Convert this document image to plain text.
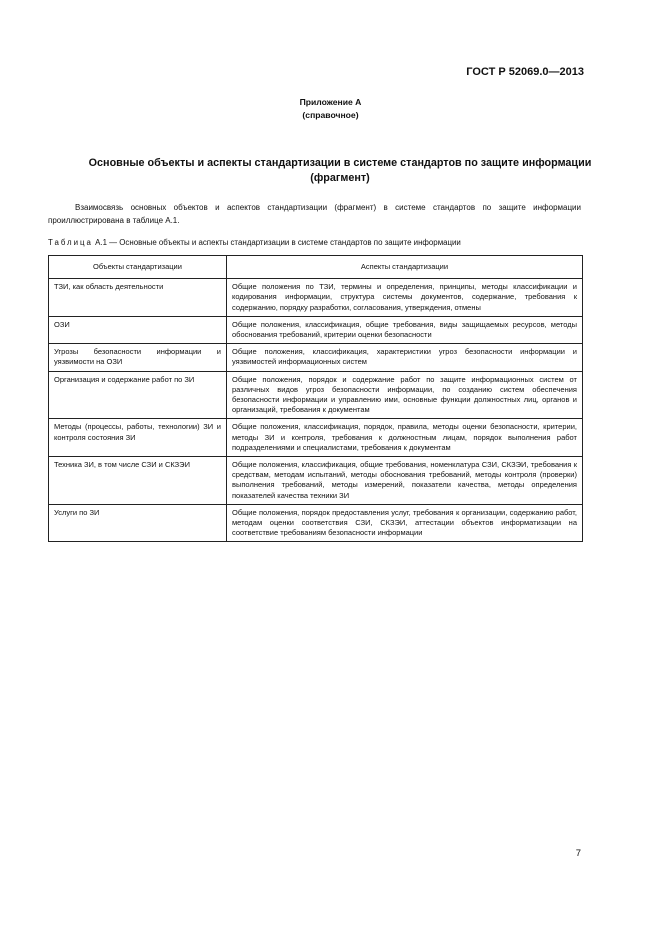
ГОСТ Р 52069.0—2013
Приложение А
(справочное)
Основные объекты и аспекты стандартизации в системе стандартов по защите информации
(фрагмент)
Взаимосвязь основных объектов и аспектов стандартизации (фрагмент) в системе стандартов по защите информации проиллюстрирована в таблице А.1.
Таблица А.1 — Основные объекты и аспекты стандартизации в системе стандартов по защите информации
Объекты стандартизации	Аспекты стандартизации
ТЗИ, как область деятельности	Общие положения по ТЗИ, термины и определения, принципы, методы классификации и кодирования информации, структура системы документов, содержание, требования к содержанию, порядку разработки, согласования, утверждения, отмены
ОЗИ	Общие положения, классификация, общие требования, виды защищаемых ресурсов, методы обоснования требований, критерии оценки безопасности
Угрозы безопасности информации и уязвимости на ОЗИ	Общие положения, классификация, характеристики угроз безопасности информации и уязвимостей информационных систем
Организация и содержание работ по ЗИ	Общие положения, порядок и содержание работ по защите информационных систем от различных видов угроз безопасности информации, по созданию систем обеспечения безопасности информации и управлению ими, основные функции должностных лиц, органов и организаций, требования к документам
Методы (процессы, работы, технологии) ЗИ и контроля состояния ЗИ	Общие положения, классификация, порядок, правила, методы оценки безопасности, критерии, методы ЗИ и контроля, требования к должностным лицам, порядок выполнения работ подразделениями и специалистами, требования к документам
Техника ЗИ, в том числе СЗИ и СКЗЭИ	Общие положения, классификация, общие требования, номенклатура СЗИ, СКЗЭИ, требования к средствам, методам испытаний, методы обоснования требований, методы контроля (проверки) выполнения требований, методы измерений, показатели качества, методы определения показателей качества техники ЗИ
Услуги по ЗИ	Общие положения, порядок предоставления услуг, требования к организации, содержанию работ, методам оценки соответствия СЗИ, СКЗЭИ, аттестации объектов информатизации на соответствие требованиям безопасности информации
7
